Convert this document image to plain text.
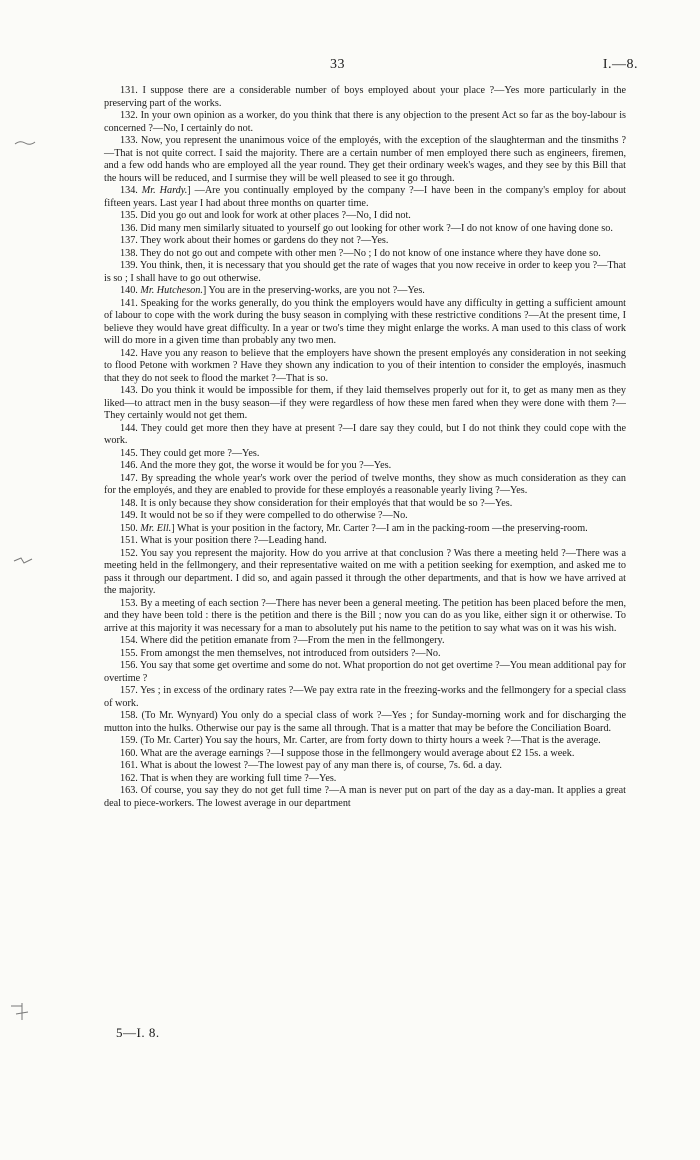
33	I.—8.

131. I suppose there are a considerable number of boys employed about your place ?—Yes more particularly in the preserving part of the works.

132. In your own opinion as a worker, do you think that there is any objection to the present Act so far as the boy-labour is concerned ?—No, I certainly do not.

133. Now, you represent the unanimous voice of the employés, with the exception of the slaughterman and the tinsmiths ?—That is not quite correct. I said the majority. There are a certain number of men employed there such as engineers, firemen, and a few odd hands who are employed all the year round. They get their ordinary week's wages, and they see by this Bill that the hours will be reduced, and I surmise they will be well pleased to see it go through.

134. Mr. Hardy.] —Are you continually employed by the company ?—I have been in the company's employ for about fifteen years. Last year I had about three months on quarter time.

135. Did you go out and look for work at other places ?—No, I did not.

136. Did many men similarly situated to yourself go out looking for other work ?—I do not know of one having done so.

137. They work about their homes or gardens do they not ?—Yes.

138. They do not go out and compete with other men ?—No ; I do not know of one instance where they have done so.

139. You think, then, it is necessary that you should get the rate of wages that you now receive in order to keep you ?—That is so ; I shall have to go out otherwise.

140. Mr. Hutcheson.] You are in the preserving-works, are you not ?—Yes.

141. Speaking for the works generally, do you think the employers would have any difficulty in getting a sufficient amount of labour to cope with the work during the busy season in complying with these restrictive conditions ?—At the present time, I believe they would have great difficulty. In a year or two's time they might enlarge the works. A man used to this class of work will do more in a given time than probably any two men.

142. Have you any reason to believe that the employers have shown the present employés any consideration in not seeking to flood Petone with workmen ? Have they shown any indication to you of their intention to consider the employés, inasmuch that they do not seek to flood the market ?—That is so.

143. Do you think it would be impossible for them, if they laid themselves properly out for it, to get as many men as they liked—to attract men in the busy season—if they were regardless of how these men fared when they were done with them ?—They certainly would not get them.

144. They could get more then they have at present ?—I dare say they could, but I do not think they could cope with the work.

145. They could get more ?—Yes.

146. And the more they got, the worse it would be for you ?—Yes.

147. By spreading the whole year's work over the period of twelve months, they show as much consideration as they can for the employés, and they are enabled to provide for these employés a reasonable yearly living ?—Yes.

148. It is only because they show consideration for their employés that that would be so ?—Yes.

149. It would not be so if they were compelled to do otherwise ?—No.

150. Mr. Ell.] What is your position in the factory, Mr. Carter ?—I am in the packing-room —the preserving-room.

151. What is your position there ?—Leading hand.

152. You say you represent the majority. How do you arrive at that conclusion ? Was there a meeting held ?—There was a meeting held in the fellmongery, and their representative waited on me with a petition seeking for exemption, and asked me to pass it through our department. I did so, and again passed it through the other departments, and that is how we have arrived at the majority.

153. By a meeting of each section ?—There has never been a general meeting. The petition has been placed before the men, and they have been told : there is the petition and there is the Bill ; now you can do as you like, either sign it or otherwise. To arrive at this majority it was necessary for a man to absolutely put his name to the petition to say what was on it was his wish.

154. Where did the petition emanate from ?—From the men in the fellmongery.

155. From amongst the men themselves, not introduced from outsiders ?—No.

156. You say that some get overtime and some do not. What proportion do not get overtime ?—You mean additional pay for overtime ?

157. Yes ; in excess of the ordinary rates ?—We pay extra rate in the freezing-works and the fellmongery for a special class of work.

158. (To Mr. Wynyard) You only do a special class of work ?—Yes ; for Sunday-morning work and for discharging the mutton into the hulks. Otherwise our pay is the same all through. That is a matter that may be before the Conciliation Board.

159. (To Mr. Carter) You say the hours, Mr. Carter, are from forty down to thirty hours a week ?—That is the average.

160. What are the average earnings ?—I suppose those in the fellmongery would average about £2 15s. a week.

161. What is about the lowest ?—The lowest pay of any man there is, of course, 7s. 6d. a day.

162. That is when they are working full time ?—Yes.

163. Of course, you say they do not get full time ?—A man is never put on part of the day as a day-man. It applies a great deal to piece-workers. The lowest average in our department

5—I. 8.
